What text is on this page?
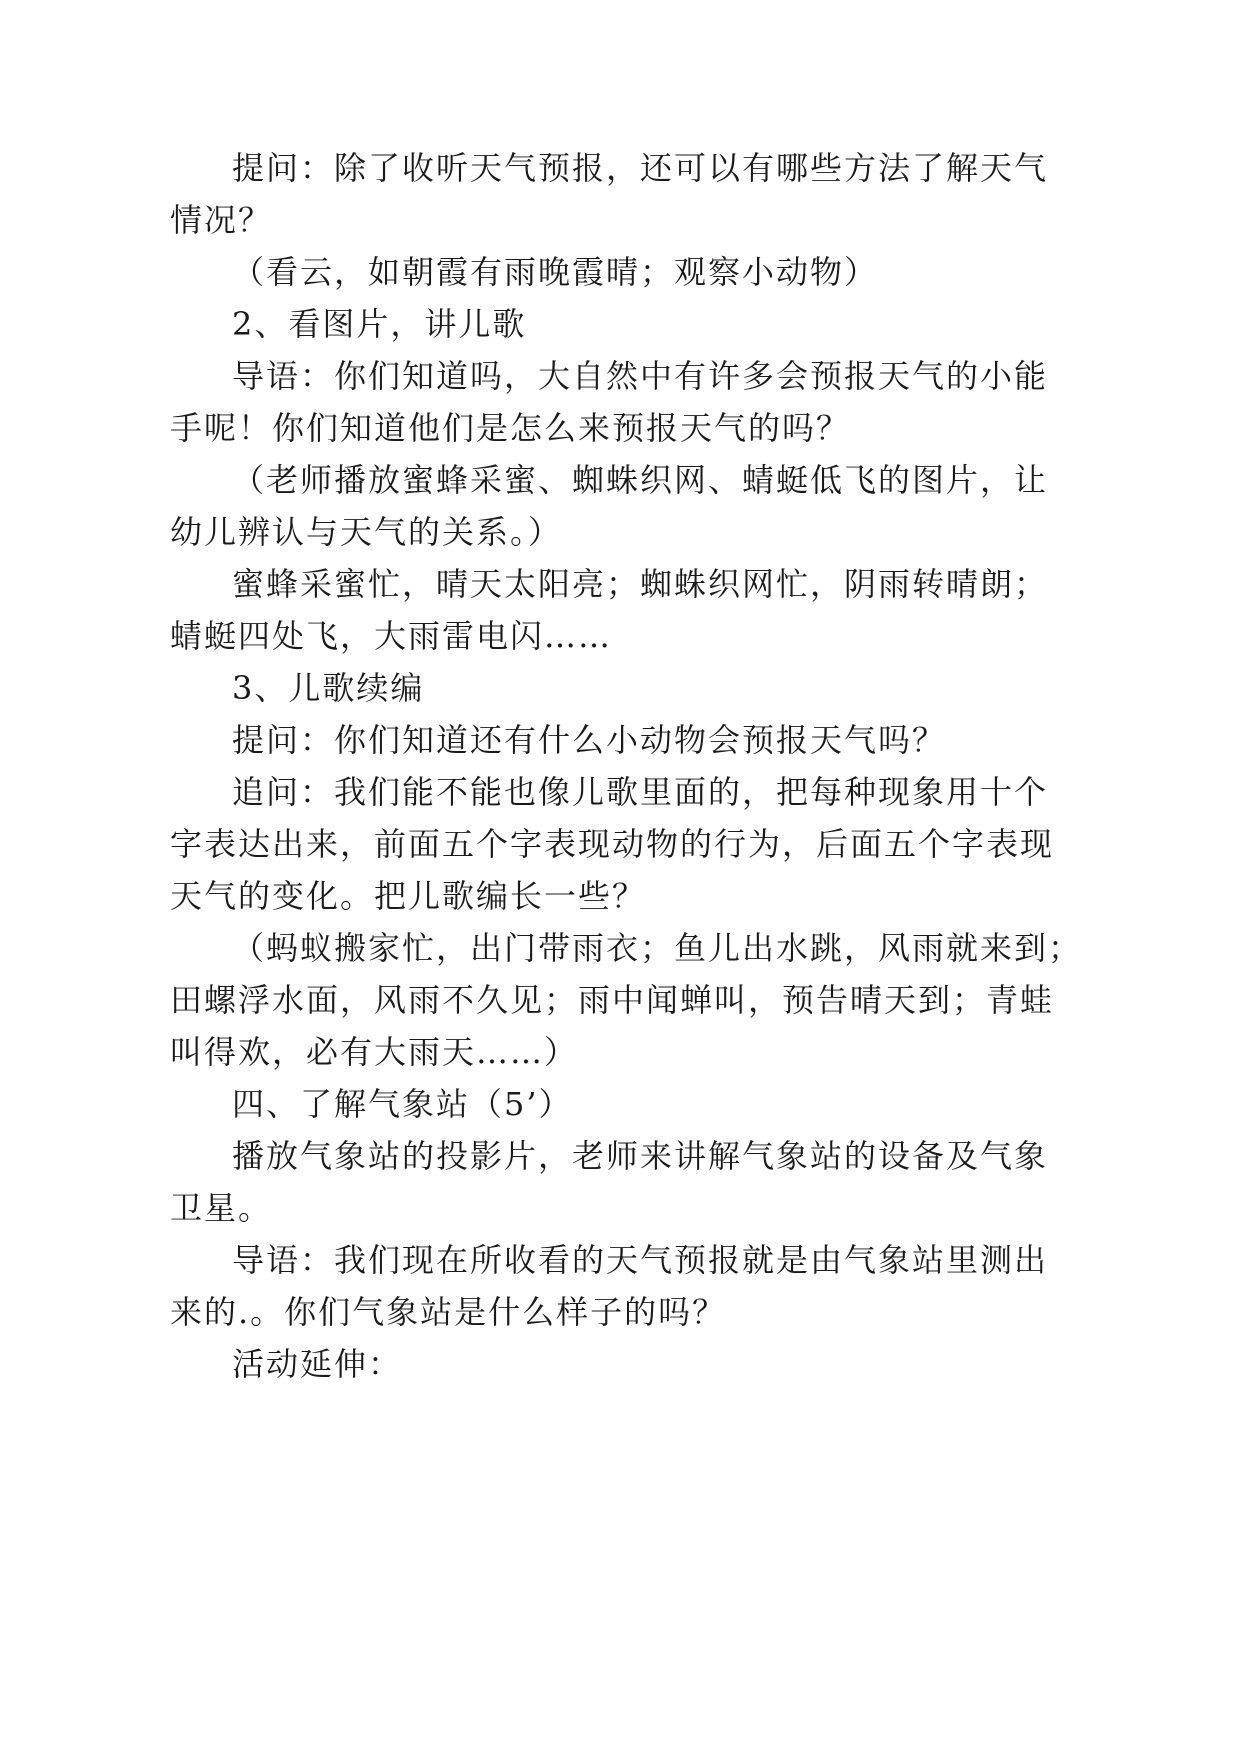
提问：除了收听天气预报，还可以有哪些方法了解天气
情况？
（看云，如朝霞有雨晚霞晴；观察小动物）
2、看图片，讲儿歌
导语：你们知道吗，大自然中有许多会预报天气的小能
手呢！你们知道他们是怎么来预报天气的吗？
（老师播放蜜蜂采蜜、蜘蛛织网、蜻蜓低飞的图片，让
幼儿辨认与天气的关系。）
蜜蜂采蜜忙，晴天太阳亮；蜘蛛织网忙，阴雨转晴朗；
蜻蜓四处飞，大雨雷电闪……
3、儿歌续编
提问：你们知道还有什么小动物会预报天气吗？
追问：我们能不能也像儿歌里面的，把每种现象用十个
字表达出来，前面五个字表现动物的行为，后面五个字表现
天气的变化。把儿歌编长一些？
（蚂蚁搬家忙，出门带雨衣；鱼儿出水跳，风雨就来到；
田螺浮水面，风雨不久见；雨中闻蝉叫，预告晴天到；青蛙
叫得欢，必有大雨天……）
四、了解气象站（5’）
播放气象站的投影片，老师来讲解气象站的设备及气象
卫星。
导语：我们现在所收看的天气预报就是由气象站里测出
来的.。你们气象站是什么样子的吗？
活动延伸：
